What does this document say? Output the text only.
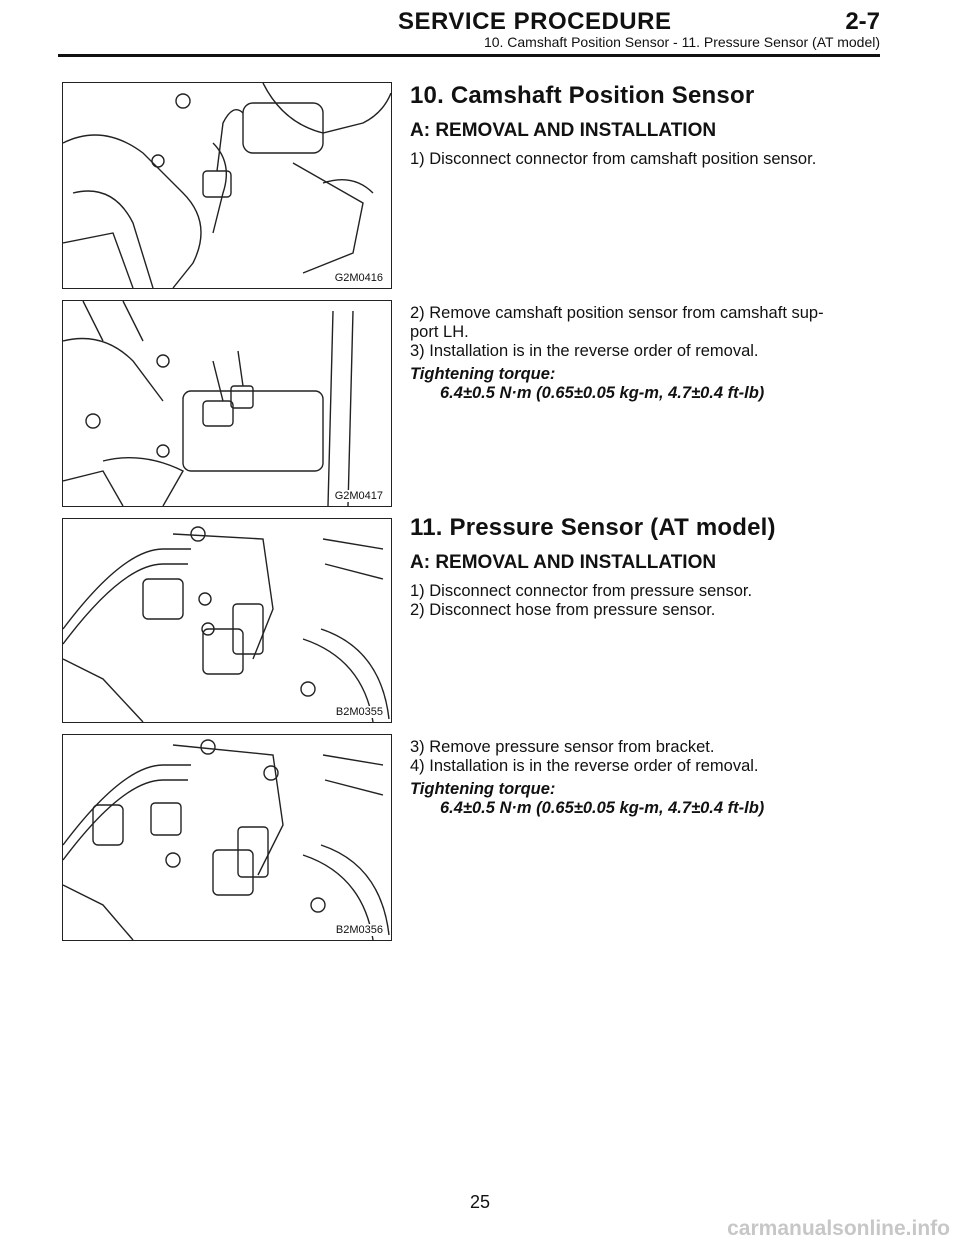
SERVICE PROCEDURE	2-7
10. Camshaft Position Sensor - 11. Pressure Sensor (AT model)
G2M0416
G2M0417
B2M0355
B2M0356
10. Camshaft Position Sensor
A: REMOVAL AND INSTALLATION
1) Disconnect connector from camshaft position sensor.
2) Remove camshaft position sensor from camshaft sup-
port LH.
3) Installation is in the reverse order of removal.
Tightening torque:
6.4±0.5 N·m (0.65±0.05 kg-m, 4.7±0.4 ft-lb)
11. Pressure Sensor (AT model)
A: REMOVAL AND INSTALLATION
1) Disconnect connector from pressure sensor.
2) Disconnect hose from pressure sensor.
3) Remove pressure sensor from bracket.
4) Installation is in the reverse order of removal.
Tightening torque:
6.4±0.5 N·m (0.65±0.05 kg-m, 4.7±0.4 ft-lb)
25
carmanualsonline.info
